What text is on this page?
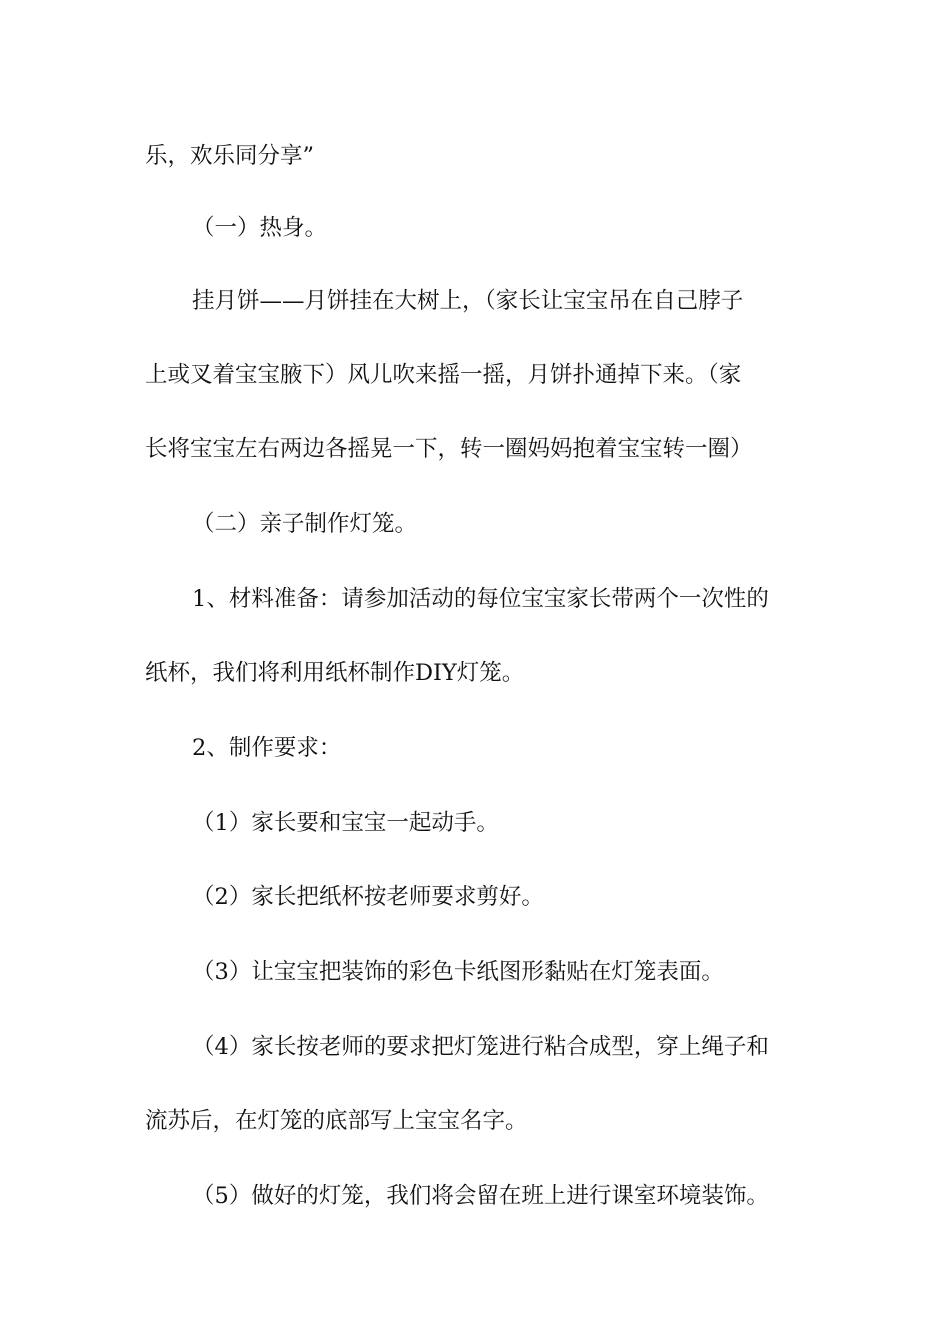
乐，欢乐同分享”
（一）热身。
挂月饼——月饼挂在大树上，（家长让宝宝吊在自己脖子
上或叉着宝宝腋下）风儿吹来摇一摇，月饼扑通掉下来。（家
长将宝宝左右两边各摇晃一下，转一圈妈妈抱着宝宝转一圈）
（二）亲子制作灯笼。
1、材料准备：请参加活动的每位宝宝家长带两个一次性的
纸杯，我们将利用纸杯制作DIY灯笼。
2、制作要求：
（1）家长要和宝宝一起动手。
（2）家长把纸杯按老师要求剪好。
（3）让宝宝把装饰的彩色卡纸图形黏贴在灯笼表面。
（4）家长按老师的要求把灯笼进行粘合成型，穿上绳子和
流苏后，在灯笼的底部写上宝宝名字。
（5）做好的灯笼，我们将会留在班上进行课室环境装饰。
